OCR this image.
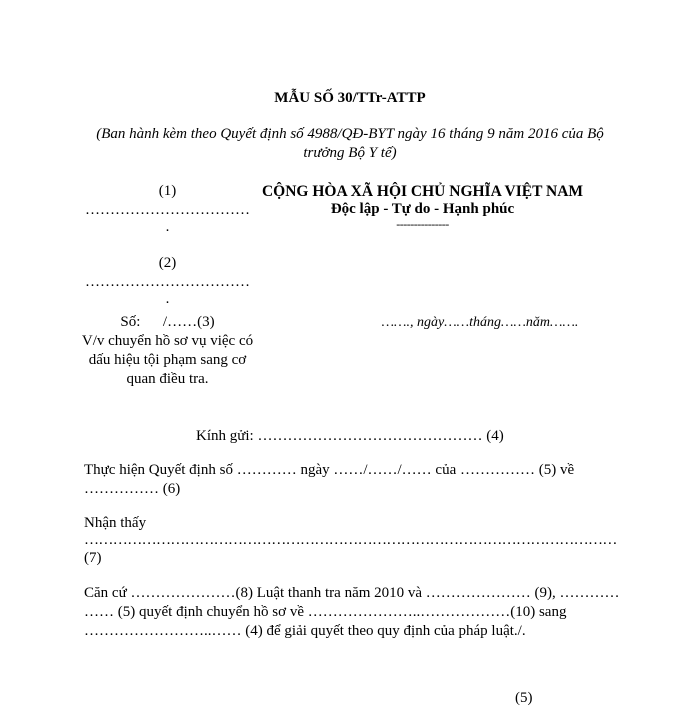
MẪU SỐ 30/TTr-ATTP
(Ban hành kèm theo Quyết định số 4988/QĐ-BYT ngày 16 tháng 9 năm 2016 của Bộ trưởng Bộ Y tế)
(1)
……………………………
.
(2)
……………………………
.
Số:      /……(3)
V/v chuyển hồ sơ vụ việc có dấu hiệu tội phạm sang cơ quan điều tra.
CỘNG HÒA XÃ HỘI CHỦ NGHĨA VIỆT NAM
Độc lập - Tự do - Hạnh phúc
---------------
……., ngày……tháng……năm…….
Kính gửi: ……………………………………… (4)
Thực hiện Quyết định số ………… ngày ……/……/…… của …………… (5) về
…………… (6)
Nhận thấy
…………………………………………………………………………………………………
(7)
Căn cứ …………………(8) Luật thanh tra năm 2010 và ………………… (9), …………
…… (5) quyết định chuyển hồ sơ về …………………..………………(10) sang
……………………..…… (4) để giải quyết theo quy định của pháp luật./.
(5)
